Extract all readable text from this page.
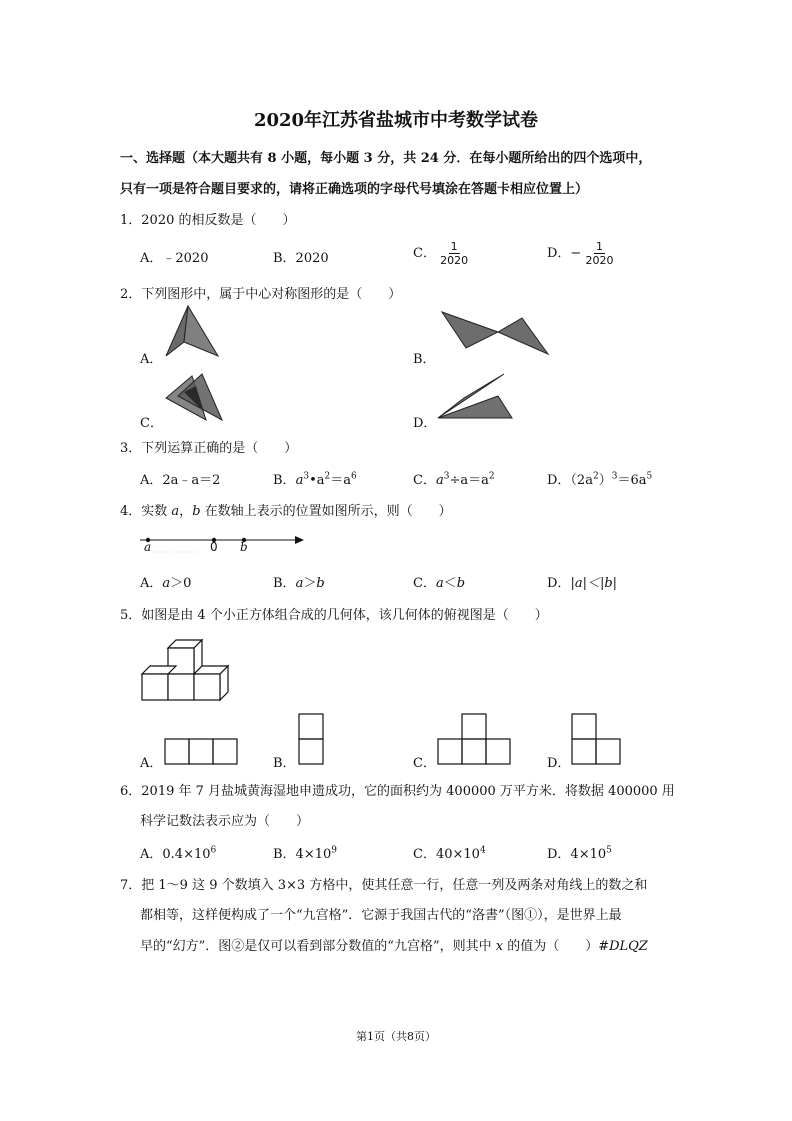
2020年江苏省盐城市中考数学试卷
一、选择题（本大题共有 8 小题，每小题 3 分，共 24 分．在每小题所给出的四个选项中，
只有一项是符合题目要求的，请将正确选项的字母代号填涂在答题卡相应位置上）
1．2020 的相反数是（　　）
A．﹣2020	B．2020	C． $\frac{1}{2020}$	D．− $\frac{1}{2020}$
2．下列图形中，属于中心对称图形的是（　　）
A．	B．
C．	D．
3．下列运算正确的是（　　）
A．2a﹣a＝2	B．$a^3•a^2=a^6$	C．$a^3\div a=a^2$	D．$(2a^2)^3=6a^5$
4．实数 a，b 在数轴上表示的位置如图所示，则（　　）
a	0 b
A．a＞0	B．a＞b	C．a＜b	D．|a|＜|b|
5．如图是由 4 个小正方体组合成的几何体，该几何体的俯视图是（　　）
A．	B．	C．	D．
6．2019 年 7 月盐城黄海湿地申遗成功，它的面积约为 400000 万平方米．将数据 400000 用
科学记数法表示应为（　　）
A．$0.4\times 10^6$	B．$4\times 10^9$	C．$40\times 10^4$	D．$4\times 10^5$
7．把 1～9 这 9 个数填入 3×3 方格中，使其任意一行，任意一列及两条对角线上的数之和
都相等，这样便构成了一个“九宫格”．它源于我国古代的“洛書”（图①），是世界上最
早的“幻方”．图②是仅可以看到部分数值的“九宫格”，则其中 x 的值为（　　）#DLQZ
第1页（共8页）
